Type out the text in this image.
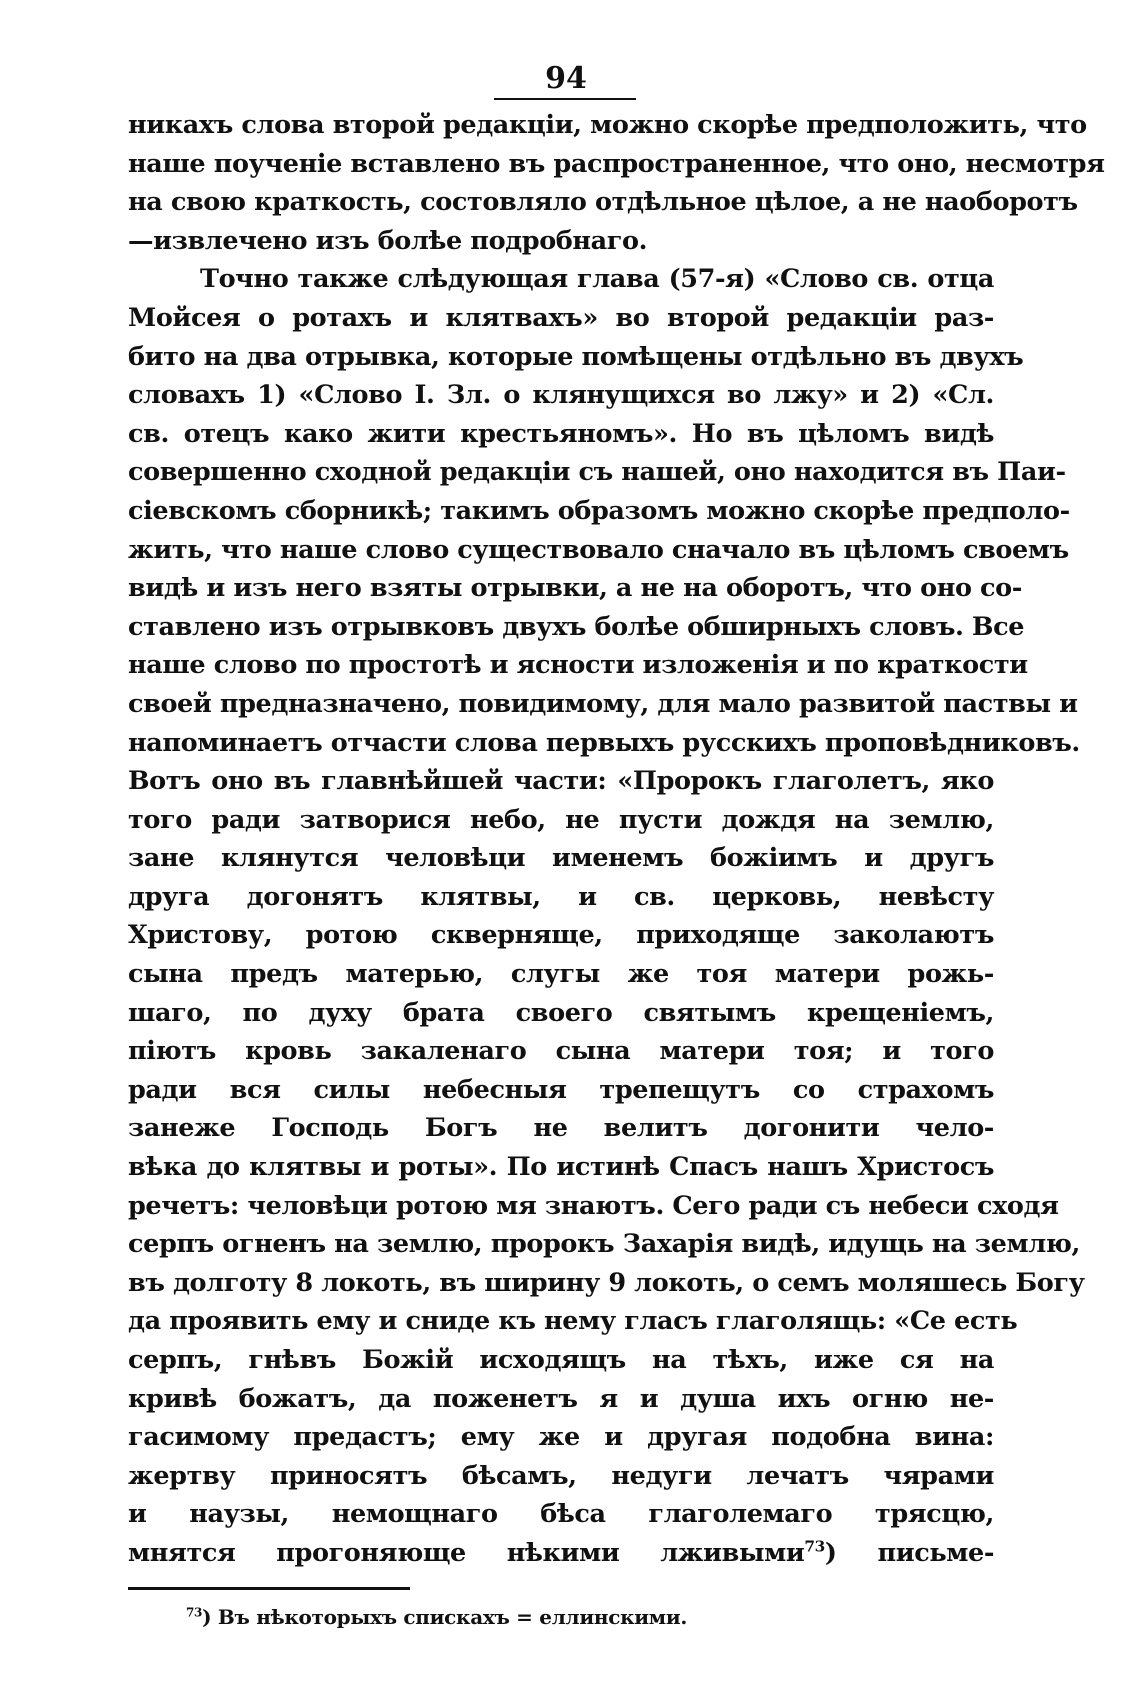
94
никахъ слова второй редакціи, можно скорѣе предположить, что
наше поученіе вставлено въ распространенное, что оно, несмотря
на свою краткость, состовляло отдѣльное цѣлое, а не наоборотъ
—извлечено изъ болѣе подробнаго.
Точно также слѣдующая глава (57-я) «Слово св. отца
Мойсея о ротахъ и клятвахъ» во второй редакціи раз-
бито на два отрывка, которые помѣщены отдѣльно въ двухъ
словахъ 1) «Слово I. Зл. о клянущихся во лжу» и 2) «Сл.
св. отецъ како жити крестьяномъ». Но въ цѣломъ видѣ
совершенно сходной редакціи съ нашей, оно находится въ Паи-
сіевскомъ сборникѣ; такимъ образомъ можно скорѣе предполо-
жить, что наше слово существовало сначало въ цѣломъ своемъ
видѣ и изъ него взяты отрывки, а не на оборотъ, что оно со-
ставлено изъ отрывковъ двухъ болѣе обширныхъ словъ. Все
наше слово по простотѣ и ясности изложенія и по краткости
своей предназначено, повидимому, для мало развитой паствы и
напоминаетъ отчасти слова первыхъ русскихъ проповѣдниковъ.
Вотъ оно въ главнѣйшей части: «Пророкъ глаголетъ, яко
того ради затворися небо, не пусти дождя на землю,
зане клянутся человѣци именемъ божіимъ и другъ
друга догонятъ клятвы, и св. церковь, невѣсту
Христову, ротою скверняще, приходяще заколаютъ
сына предъ матерью, слугы же тоя матери рожь-
шаго, по духу брата своего святымъ крещеніемъ,
піютъ кровь закаленаго сына матери тоя; и того
ради вся силы небесныя трепещутъ со страхомъ
занеже Господь Богъ не велитъ догонити чело-
вѣка до клятвы и роты». По истинѣ Спасъ нашъ Христосъ
речетъ: человѣци ротою мя знаютъ. Сего ради съ небеси сходя
серпъ огненъ на землю, пророкъ Захарія видѣ, идущь на землю,
въ долготу 8 локоть, въ ширину 9 локоть, о семъ моляшесь Богу
да проявить ему и сниде къ нему гласъ глаголящь: «Се есть
серпъ, гнѣвъ Божій исходящъ на тѣхъ, иже ся на
кривѣ божатъ, да поженетъ я и душа ихъ огню не-
гасимому предастъ; ему же и другая подобна вина:
жертву приносятъ бѣсамъ, недуги лечатъ чярами
и наузы, немощнаго бѣса глаголемаго трясцю,
мнятся прогоняюще нѣкими лживыми$^{73}$) письме-
$^{73}$) Въ нѣкоторыхъ спискахъ = еллинскими.
